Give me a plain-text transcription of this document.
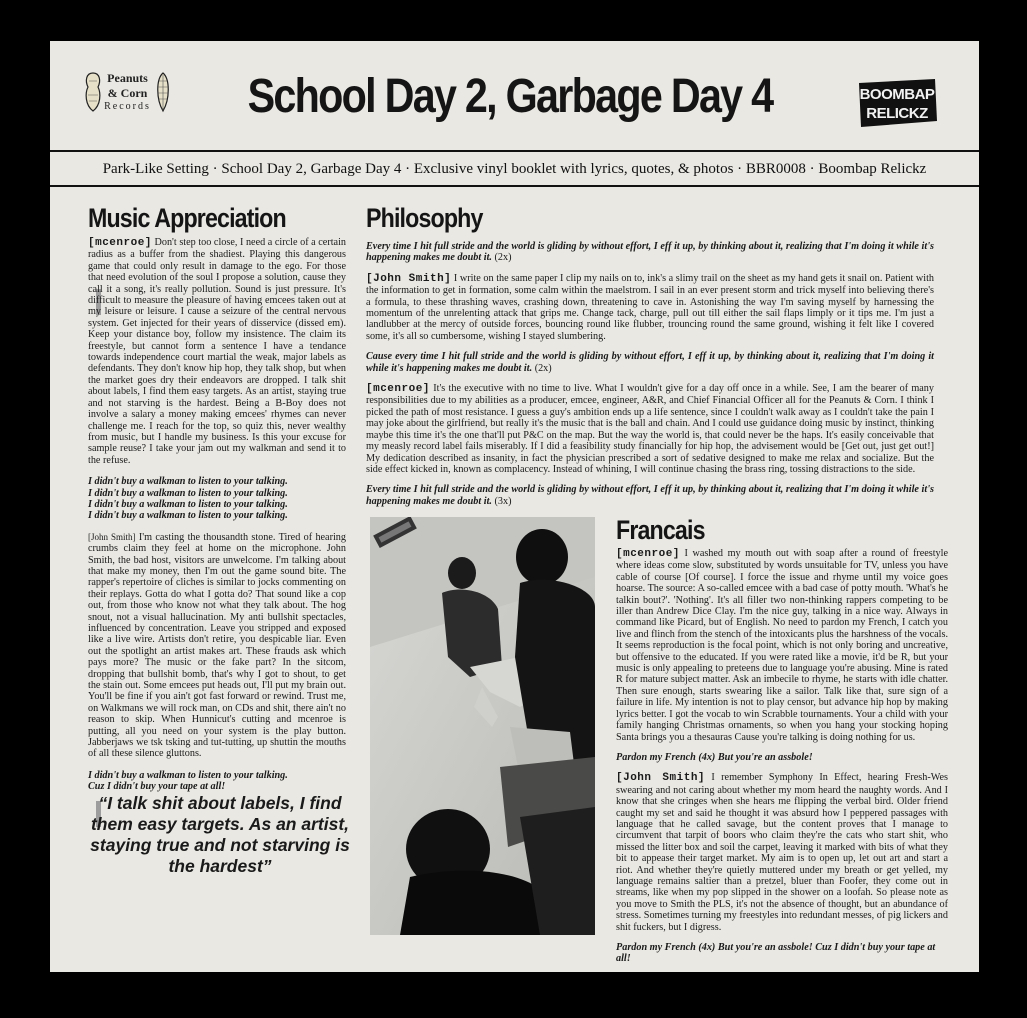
Peanuts
& Corn
Records	School Day 2, Garbage Day 4	BOOMBAP
RELICKZ
Park-Like Setting · School Day 2, Garbage Day 4 · Exclusive vinyl booklet with lyrics, quotes, & photos · BBR0008 · Boombap Relickz
Music Appreciation

[mcenroe] Don't step too close, I need a circle of a certain radius as a buffer from the shadiest. Playing this dangerous game that could only result in damage to the ego. For those that need evolution of the soul I propose a solution, cause they call it a song, it's really pollution. Sound is just pressure. It's difficult to measure the pleasure of having emcees taken out at my leisure or leisure. I cause a seizure of the central nervous system. Get injected for their years of disservice (dissed em). Keep your distance boy, follow my insistence. The claim its freestyle, but cannot form a sentence I have a tendance towards independence court martial the weak, major labels as defendants. They don't know hip hop, they talk shop, but when the market goes dry their endeavors are dropped. I talk shit about labels, I find them easy targets. As an artist, staying true and not starving is the hardest. Being a B-Boy does not involve a salary a money making emcees' rhymes can never challenge me. I reach for the top, so quiz this, never wealthy from music, but I handle my business. Is this your excuse for sample reuse? I take your jam out my walkman and send it to the refuse.

I didn't buy a walkman to listen to your talking.

I didn't buy a walkman to listen to your talking.

I didn't buy a walkman to listen to your talking.

I didn't buy a walkman to listen to your talking.

[John Smith] I'm casting the thousandth stone. Tired of hearing crumbs claim they feel at home on the microphone. John Smith, the bad host, visitors are unwelcome. I'm talking about that make my money, then I'm out the game sound bite. The rapper's repertoire of cliches is similar to jocks commenting on their replays. Gotta do what I gotta do? That sound like a cop out, from those who know not what they talk about. The hog snout, not a visual hallucination. My anti bullshit spectacles, influenced by concentration. Leave you stripped and exposed like a live wire. Artists don't retire, you despicable liar. Even out the spotlight an artist makes art. These frauds ask which pays more? The music or the fake part? In the sitcom, dropping that bullshit bomb, that's why I got to shout, to get the stain out. Some emcees put heads out, I'll put my brain out. You'll be fine if you ain't got fast forward or rewind. Trust me, on Walkmans we will rock man, on CDs and shit, there ain't no reason to skip. When Hunnicut's cutting and mcenroe is putting, all you need on your system is the play button. Jabberjaws we tsk tsking and tut-tutting, up shuttin the mouths of all these silence gluttons.

I didn't buy a walkman to listen to your talking.

Cuz I didn't buy your tape at all!

“I talk shit about labels, I find them easy targets. As an artist, staying true and not starving is the hardest”
Philosophy

Every time I hit full stride and the world is gliding by without effort, I eff it up, by thinking about it, realizing that I'm doing it while it's happening makes me doubt it. (2x)

[John Smith] I write on the same paper I clip my nails on to, ink's a slimy trail on the sheet as my hand gets it snail on. Patient with the information to get in formation, some calm within the maelstrom. I sail in an ever present storm and trick myself into believing there's a formula, to these thrashing waves, crashing down, threatening to cave in. Astonishing the way I'm saving myself by harnessing the momentum of the unrelenting attack that grips me. Change tack, charge, pull out till either the sail flaps limply or it tips me. I'm just a landlubber at the mercy of outside forces, bouncing round like flubber, trouncing round the same ground, wishing it felt like I covered some, it's all so cumbersome, wishing I stayed slumbering.

Cause every time I hit full stride and the world is gliding by without effort, I eff it up, by thinking about it, realizing that I'm doing it while it's happening makes me doubt it. (2x)

[mcenroe] It's the executive with no time to live. What I wouldn't give for a day off once in a while. See, I am the bearer of many responsibilities due to my abilities as a producer, emcee, engineer, A&R, and Chief Financial Officer all for the Peanuts & Corn. I think I picked the path of most resistance. I guess a guy's ambition ends up a life sentence, since I couldn't walk away as I couldn't take the pain I may joke about the girlfriend, but really it's the music that is the ball and chain. And I could use guidance doing music by instinct, thinking maybe this time it's the one that'll put P&C on the map. But the way the world is, that could never be the haps. It's easily conceivable that my measly record label fails miserably. If I did a feasibility study financially for hip hop, the advisement would be [Get out, just get out!] My dedication described as insanity, in fact the physician prescribed a sort of sedative designed to make me relax and socialize. But the side effect kicked in, known as complacency. Instead of whining, I will continue chasing the brass ring, tossing distractions to the side.

Every time I hit full stride and the world is gliding by without effort, I eff it up, by thinking about it, realizing that I'm doing it while it's happening makes me doubt it. (3x)

Francais

[mcenroe] I washed my mouth out with soap after a round of freestyle where ideas come slow, substituted by words unsuitable for TV, unless you have cable of course [Of course]. I force the issue and rhyme until my voice goes hoarse. The source: A so-called emcee with a bad case of potty mouth. 'What's he talkin bout?'. 'Nothing'. It's all filler two non-thinking rappers competing to be iller than Andrew Dice Clay. I'm the nice guy, talking in a nice way. Always in command like Picard, but of English. No need to pardon my French, I catch you live and flinch from the stench of the intoxicants plus the harshness of the vocals. It seems reproduction is the focal point, which is not only boring and uncreative, but offensive to the educated. If you were rated like a movie, it'd be R, but your music is only appealing to preteens due to language you're abusing. Mine is rated R for mature subject matter. Ask an imbecile to rhyme, he starts with idle chatter. Then sure enough, starts swearing like a sailor. Talk like that, sure sign of a failure in life. My intention is not to play censor, but advance hip hop by making lyrics better. I got the vocab to win Scrabble tournaments. Your a child with your family hanging Christmas ornaments, so when you hang your stocking hoping Santa brings you a thesauras Cause you're talking is doing nothing for us.

Pardon my French (4x) But you're an assbole!

[John Smith] I remember Symphony In Effect, hearing Fresh-Wes swearing and not caring about whether my mom heard the naughty words. And I know that she cringes when she hears me flipping the verbal bird. Older friend caught my set and said he thought it was absurd how I peppered passages with language that he called savage, but the content proves that I manage to circumvent that tarpit of boors who claim they're the cats who start shit, who missed the litter box and soil the carpet, leaving it marked with bits of what they bit to appease their target market. My aim is to open up, let out art and start a riot. And whether they're quietly muttered under my breath or get yelled, my language remains saltier than a pretzel, bluer than Foofer, they come out in streams, like when my pop slipped in the shower on a loofah. So please note as you move to Smith the PLS, it's not the absence of thought, but an abundance of stress. Sometimes turning my freestyles into redundant messes, of pig lickers and shit fuckers, but I digress.

Pardon my French (4x) But you're an assbole! Cuz I didn't buy your tape at all!
